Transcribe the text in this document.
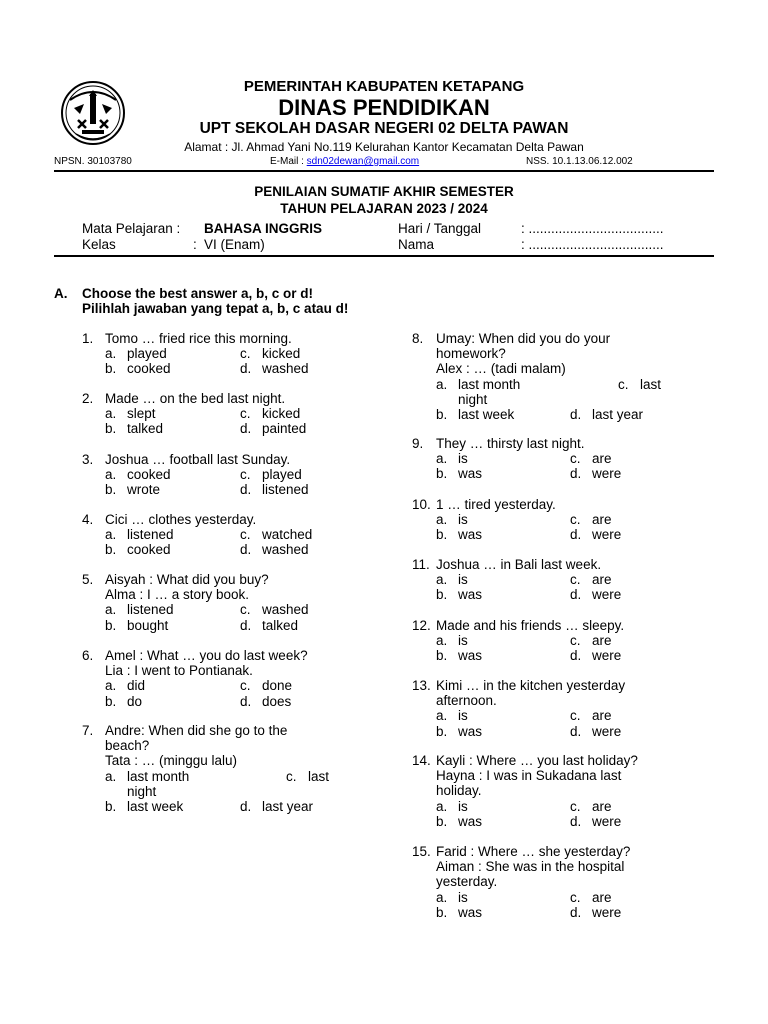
PEMERINTAH KABUPATEN KETAPANG
DINAS PENDIDIKAN
UPT SEKOLAH DASAR NEGERI 02 DELTA PAWAN
Alamat : Jl. Ahmad Yani No.119 Kelurahan Kantor Kecamatan Delta Pawan
NPSN. 30103780	E-Mail : sdn02dewan@gmail.com	NSS. 10.1.13.06.12.002
PENILAIAN SUMATIF AKHIR SEMESTER
TAHUN PELAJARAN 2023 / 2024
Mata Pelajaran : BAHASA INGGRIS	Hari / Tanggal	: ....................................
Kelas	: VI (Enam)	Nama	: ....................................
A. Choose the best answer a, b, c or d!
Pilihlah jawaban yang tepat a, b, c atau d!
1. Tomo … fried rice this morning.
a. played	c. kicked
b. cooked	d. washed
2. Made … on the bed last night.
a. slept	c. kicked
b. talked	d. painted
3. Joshua … football last Sunday.
a. cooked	c. played
b. wrote	d. listened
4. Cici … clothes yesterday.
a. listened	c. watched
b. cooked	d. washed
5. Aisyah : What did you buy?
Alma : I … a story book.
a. listened	c. washed
b. bought	d. talked
6. Amel : What … you do last week?
Lia : I went to Pontianak.
a. did	c. done
b. do	d. does
7. Andre: When did she go to the
beach?
Tata : … (minggu lalu)
a. last month	c. last
night
b. last week	d. last year
8. Umay: When did you do your
homework?
Alex : … (tadi malam)
a. last month	c. last
night
b. last week	d. last year
9. They … thirsty last night.
a. is	c. are
b. was	d. were
10. 1 … tired yesterday.
a. is	c. are
b. was	d. were
11. Joshua … in Bali last week.
a. is	c. are
b. was	d. were
12. Made and his friends … sleepy.
a. is	c. are
b. was	d. were
13. Kimi … in the kitchen yesterday
afternoon.
a. is	c. are
b. was	d. were
14. Kayli : Where … you last holiday?
Hayna : I was in Sukadana last
holiday.
a. is	c. are
b. was	d. were
15. Farid : Where … she yesterday?
Aiman : She was in the hospital
yesterday.
a. is	c. are
b. was	d. were
